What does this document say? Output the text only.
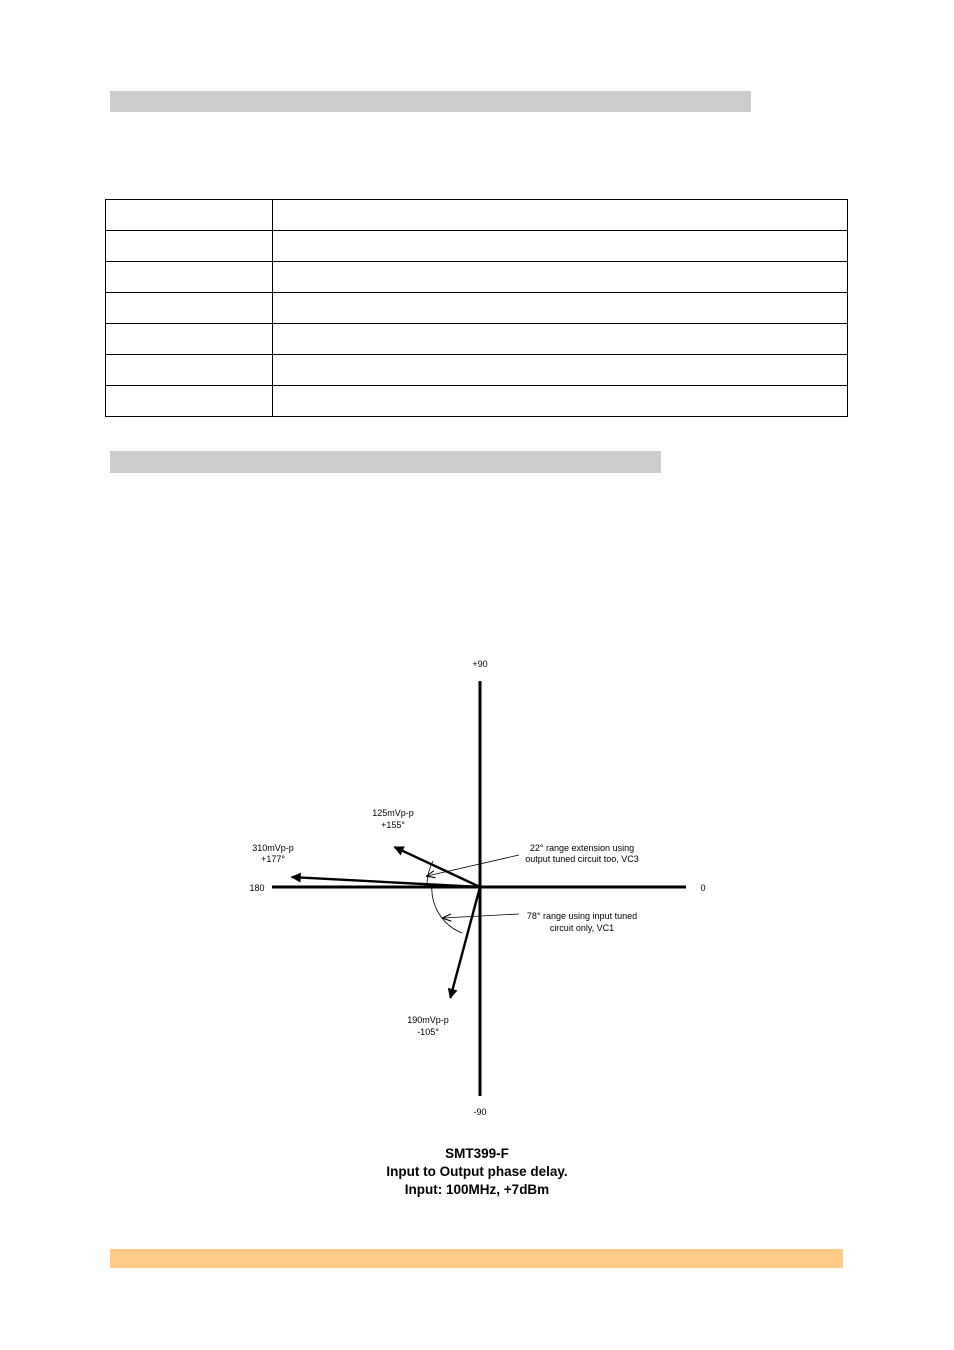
+90
-90
180	0
310mVp-p
+177°
125mVp-p
+155°
190mVp-p
-105°
22° range extension using
output tuned circuit too, VC3
78° range using input tuned
circuit only, VC1
SMT399-F
Input to Output phase delay.
Input: 100MHz, +7dBm
